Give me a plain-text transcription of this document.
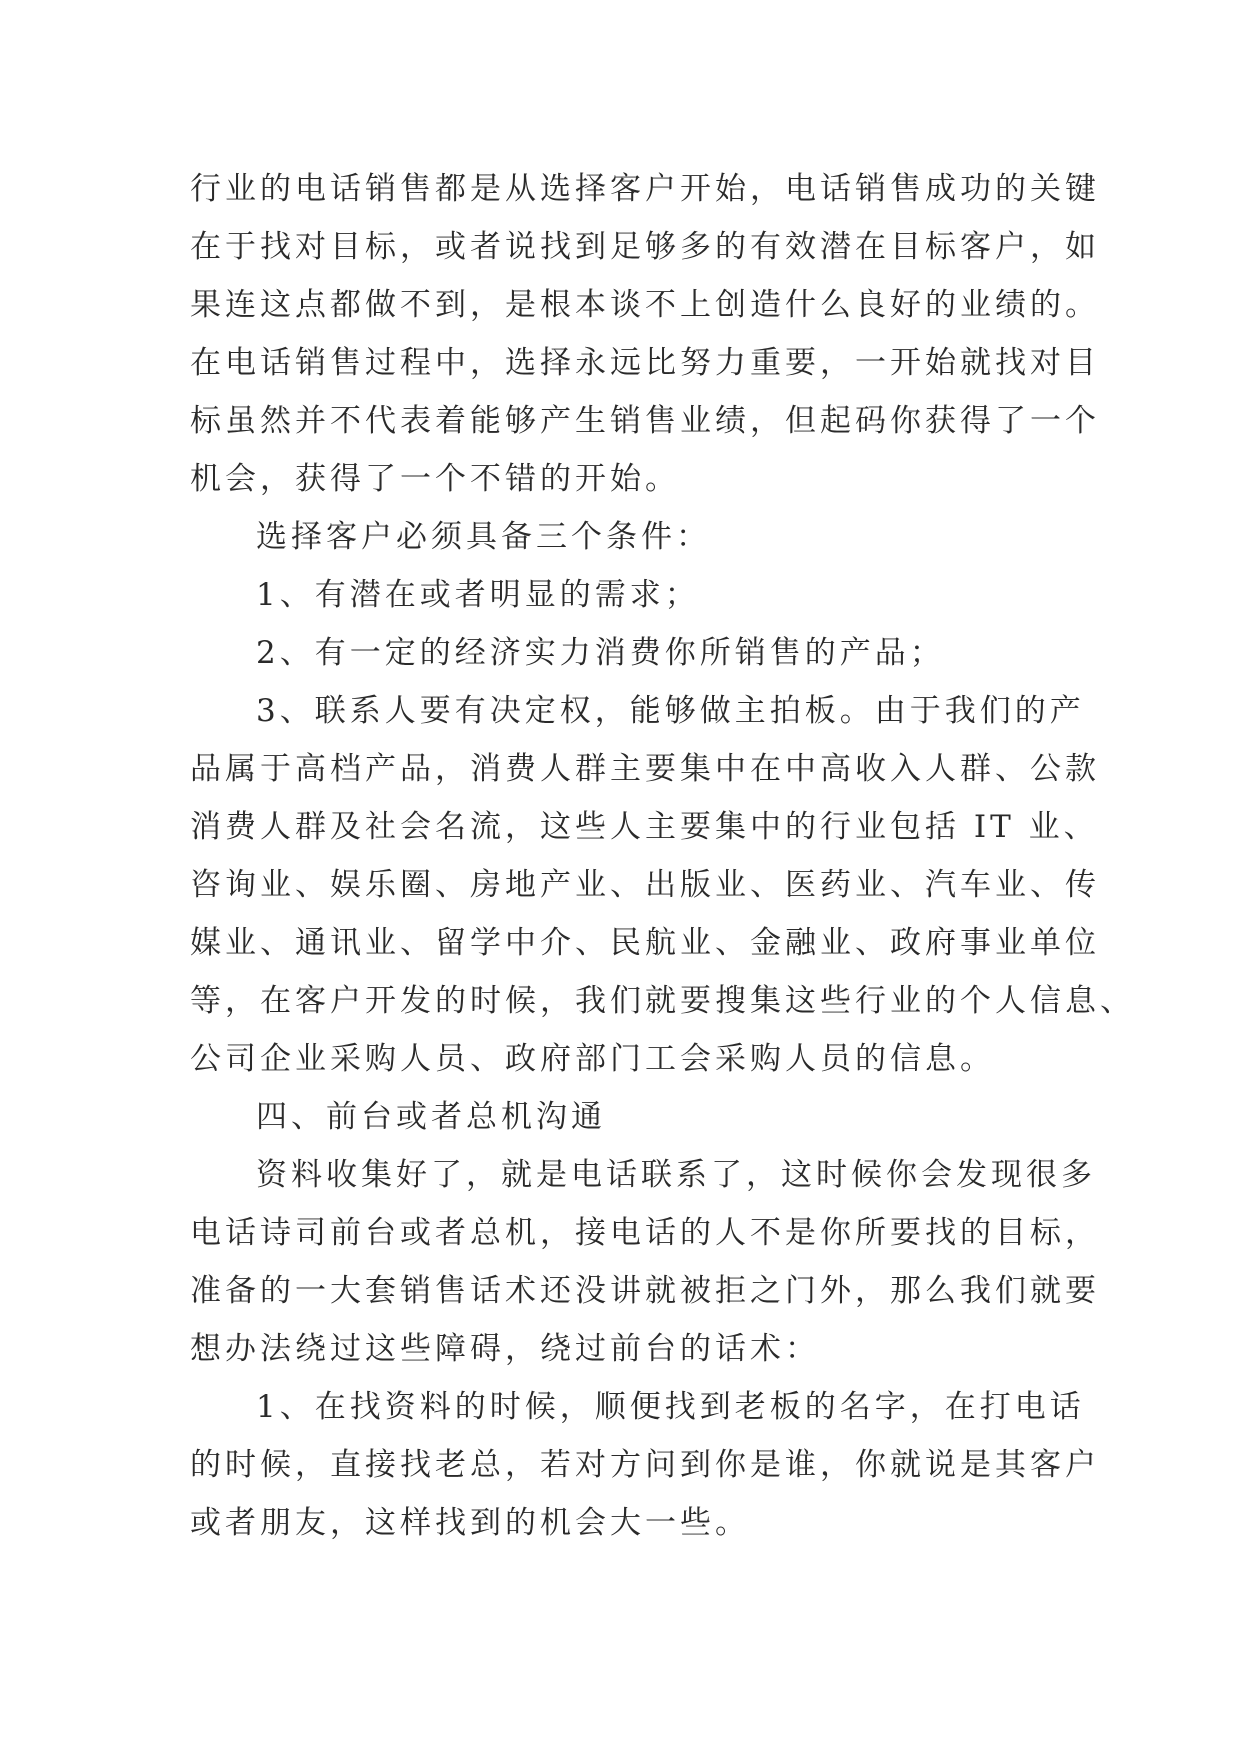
行业的电话销售都是从选择客户开始，电话销售成功的关键

在于找对目标，或者说找到足够多的有效潜在目标客户，如

果连这点都做不到，是根本谈不上创造什么良好的业绩的。

在电话销售过程中，选择永远比努力重要，一开始就找对目

标虽然并不代表着能够产生销售业绩，但起码你获得了一个

机会，获得了一个不错的开始。

选择客户必须具备三个条件：

1、有潜在或者明显的需求；

2、有一定的经济实力消费你所销售的产品；

3、联系人要有决定权，能够做主拍板。由于我们的产

品属于高档产品，消费人群主要集中在中高收入人群、公款

消费人群及社会名流，这些人主要集中的行业包括 IT 业、

咨询业、娱乐圈、房地产业、出版业、医药业、汽车业、传

媒业、通讯业、留学中介、民航业、金融业、政府事业单位

等，在客户开发的时候，我们就要搜集这些行业的个人信息、

公司企业采购人员、政府部门工会采购人员的信息。

四、前台或者总机沟通

资料收集好了，就是电话联系了，这时候你会发现很多

电话诗司前台或者总机，接电话的人不是你所要找的目标，

准备的一大套销售话术还没讲就被拒之门外，那么我们就要

想办法绕过这些障碍，绕过前台的话术：

1、在找资料的时候，顺便找到老板的名字，在打电话

的时候，直接找老总，若对方问到你是谁，你就说是其客户

或者朋友，这样找到的机会大一些。
